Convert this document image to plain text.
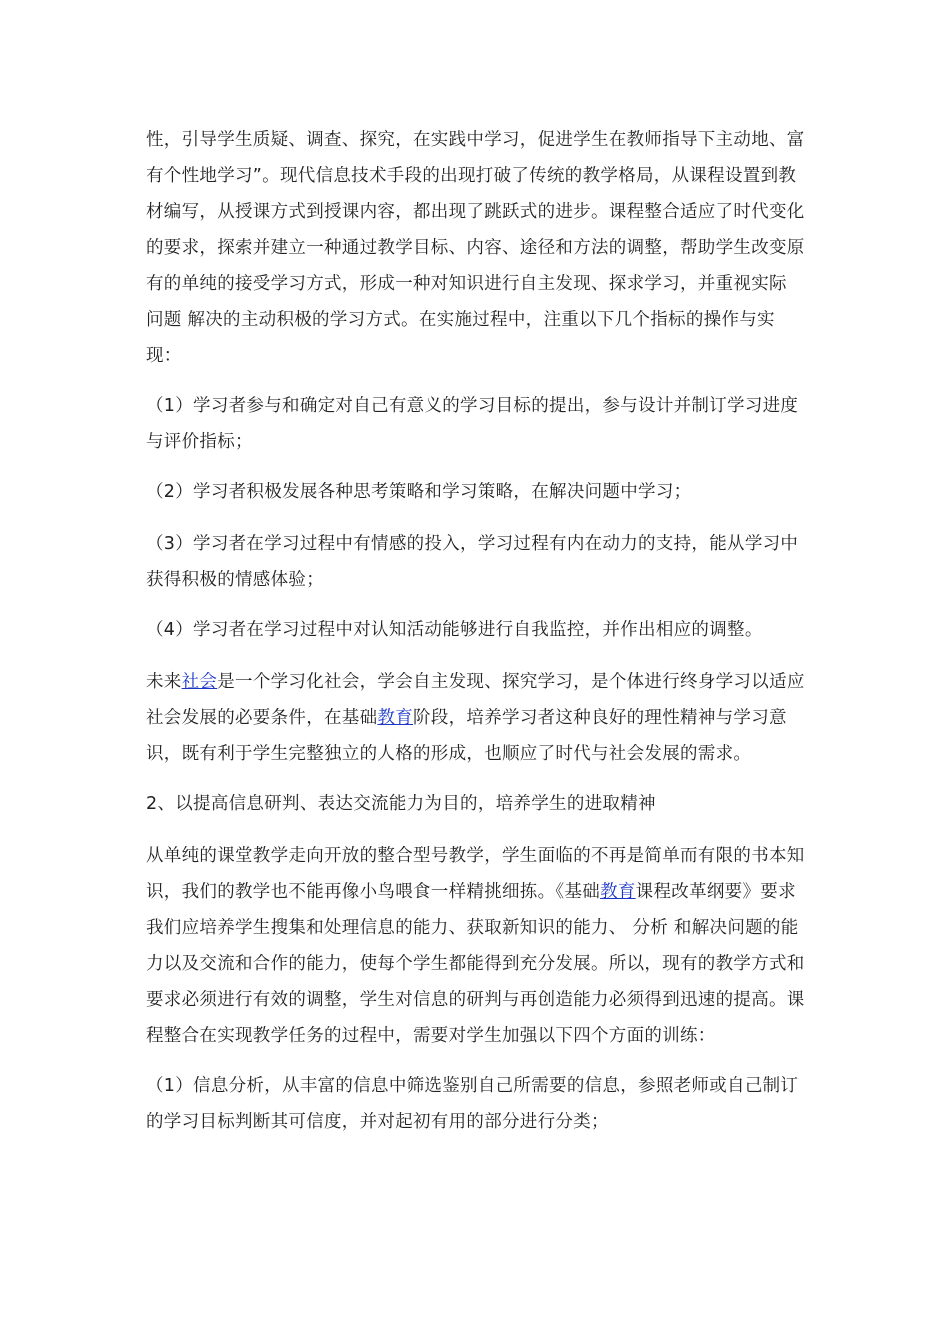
性，引导学生质疑、调查、探究，在实践中学习，促进学生在教师指导下主动地、富有个性地学习”。现代信息技术手段的出现打破了传统的教学格局，从课程设置到教材编写，从授课方式到授课内容，都出现了跳跃式的进步。课程整合适应了时代变化的要求，探索并建立一种通过教学目标、内容、途径和方法的调整，帮助学生改变原有的单纯的接受学习方式，形成一种对知识进行自主发现、探求学习，并重视实际 问题 解决的主动积极的学习方式。在实施过程中，注重以下几个指标的操作与实现：

（1）学习者参与和确定对自己有意义的学习目标的提出，参与设计并制订学习进度与评价指标；

（2）学习者积极发展各种思考策略和学习策略，在解决问题中学习；

（3）学习者在学习过程中有情感的投入，学习过程有内在动力的支持，能从学习中获得积极的情感体验；

（4）学习者在学习过程中对认知活动能够进行自我监控，并作出相应的调整。

未来社会是一个学习化社会，学会自主发现、探究学习，是个体进行终身学习以适应社会发展的必要条件，在基础教育阶段，培养学习者这种良好的理性精神与学习意识，既有利于学生完整独立的人格的形成，也顺应了时代与社会发展的需求。

2、以提高信息研判、表达交流能力为目的，培养学生的进取精神

从单纯的课堂教学走向开放的整合型号教学，学生面临的不再是简单而有限的书本知识，我们的教学也不能再像小鸟喂食一样精挑细拣。《基础教育课程改革纲要》要求我们应培养学生搜集和处理信息的能力、获取新知识的能力、 分析 和解决问题的能力以及交流和合作的能力，使每个学生都能得到充分发展。所以，现有的教学方式和要求必须进行有效的调整，学生对信息的研判与再创造能力必须得到迅速的提高。课程整合在实现教学任务的过程中，需要对学生加强以下四个方面的训练：

（1）信息分析，从丰富的信息中筛选鉴别自己所需要的信息，参照老师或自己制订的学习目标判断其可信度，并对起初有用的部分进行分类；
